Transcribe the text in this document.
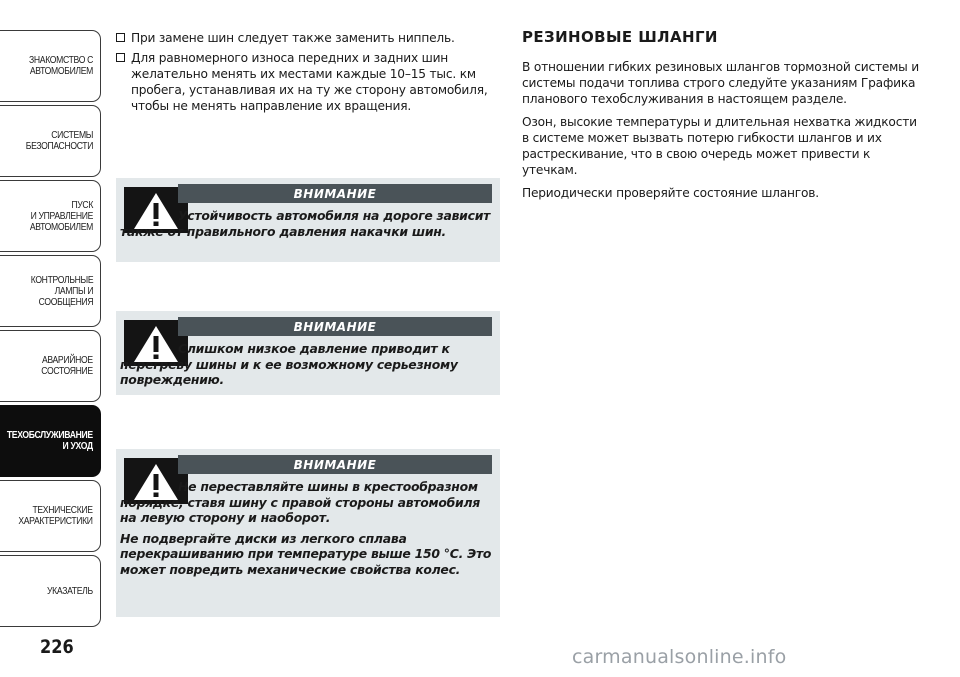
ЗНАКОМСТВО С
АВТОМОБИЛЕМ
СИСТЕМЫ
БЕЗОПАСНОСТИ
ПУСК
И УПРАВЛЕНИЕ
АВТОМОБИЛЕМ
КОНТРОЛЬНЫЕ
ЛАМПЫ И
СООБЩЕНИЯ
АВАРИЙНОЕ
СОСТОЯНИЕ
ТЕХОБСЛУЖИВАНИЕ
И УХОД
ТЕХНИЧЕСКИЕ
ХАРАКТЕРИСТИКИ
УКАЗАТЕЛЬ
226
При замене шин следует также заменить ниппель.
Для равномерного износа передних и задних шин желательно менять их местами каждые 10–15 тыс. км пробега, устанавливая их на ту же сторону автомобиля, чтобы не менять направление их вращения.
ВНИМАНИЕ

Устойчивость автомобиля на дороге зависит также от правильного давления накачки шин.

ВНИМАНИЕ

Слишком низкое давление приводит к перегреву шины и к ее возможному серьезному повреждению.

ВНИМАНИЕ

Не переставляйте шины в крестообразном порядке, ставя шину с правой стороны автомобиля на левую сторону и наоборот.

Не подвергайте диски из легкого сплава перекрашиванию при температуре выше 150 °C. Это может повредить механические свойства колес.

РЕЗИНОВЫЕ ШЛАНГИ

В отношении гибких резиновых шлангов тормозной системы и системы подачи топлива строго следуйте указаниям Графика планового техобслуживания в настоящем разделе.

Озон, высокие температуры и длительная нехватка жидкости в системе может вызвать потерю гибкости шлангов и их растрескивание, что в свою очередь может привести к утечкам.

Периодически проверяйте состояние шлангов.

carmanualsonline.info
